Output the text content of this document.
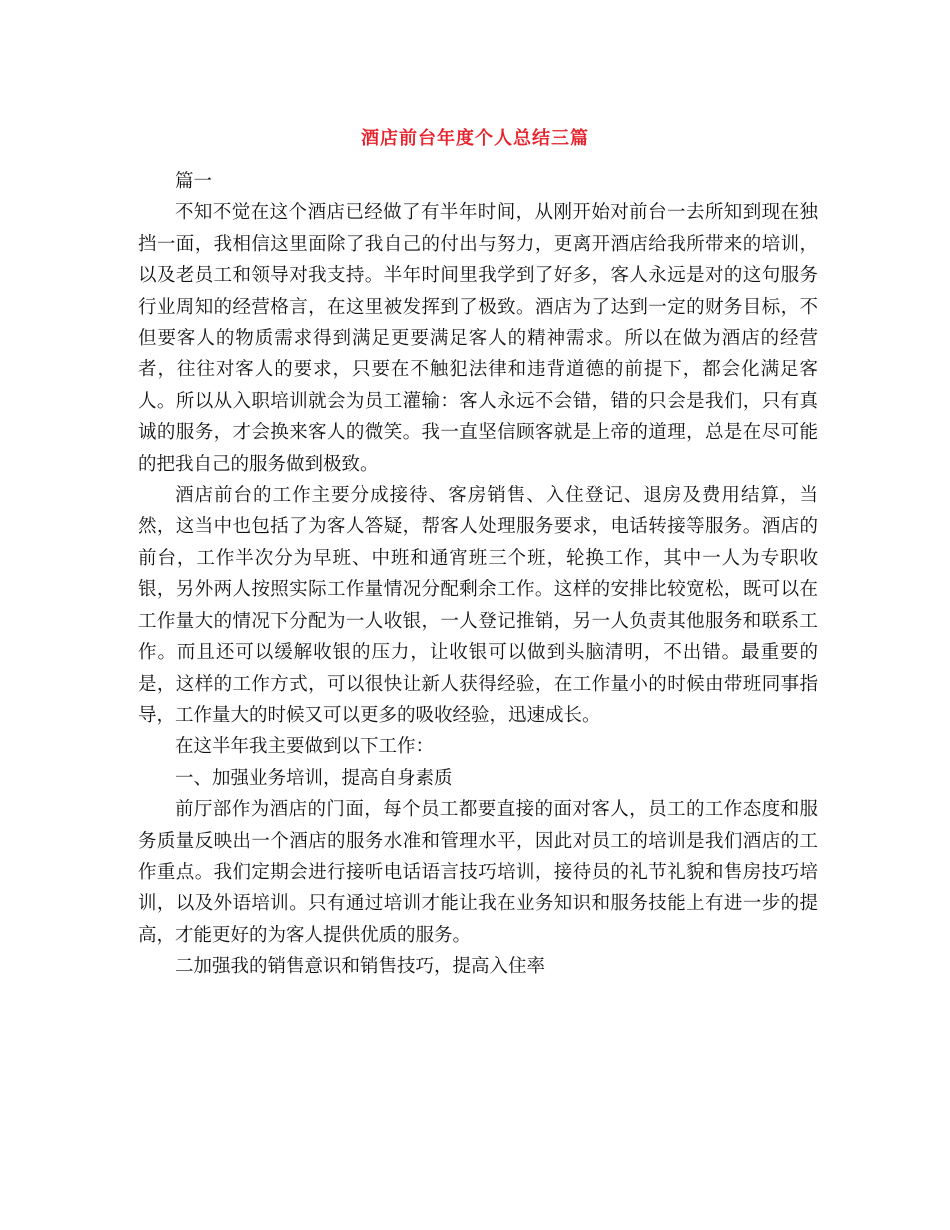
酒店前台年度个人总结三篇

篇一

不知不觉在这个酒店已经做了有半年时间，从刚开始对前台一去所知到现在独挡一面，我相信这里面除了我自己的付出与努力，更离开酒店给我所带来的培训，以及老员工和领导对我支持。半年时间里我学到了好多，客人永远是对的这句服务行业周知的经营格言，在这里被发挥到了极致。酒店为了达到一定的财务目标，不但要客人的物质需求得到满足更要满足客人的精神需求。所以在做为酒店的经营者，往往对客人的要求，只要在不触犯法律和违背道德的前提下，都会化满足客人。所以从入职培训就会为员工灌输：客人永远不会错，错的只会是我们，只有真诚的服务，才会换来客人的微笑。我一直坚信顾客就是上帝的道理，总是在尽可能的把我自己的服务做到极致。

酒店前台的工作主要分成接待、客房销售、入住登记、退房及费用结算，当然，这当中也包括了为客人答疑，帮客人处理服务要求，电话转接等服务。酒店的前台，工作半次分为早班、中班和通宵班三个班，轮换工作，其中一人为专职收银，另外两人按照实际工作量情况分配剩余工作。这样的安排比较宽松，既可以在工作量大的情况下分配为一人收银，一人登记推销，另一人负责其他服务和联系工作。而且还可以缓解收银的压力，让收银可以做到头脑清明，不出错。最重要的是，这样的工作方式，可以很快让新人获得经验，在工作量小的时候由带班同事指导，工作量大的时候又可以更多的吸收经验，迅速成长。

在这半年我主要做到以下工作：

一、加强业务培训，提高自身素质

前厅部作为酒店的门面，每个员工都要直接的面对客人，员工的工作态度和服务质量反映出一个酒店的服务水准和管理水平，因此对员工的培训是我们酒店的工作重点。我们定期会进行接听电话语言技巧培训，接待员的礼节礼貌和售房技巧培训，以及外语培训。只有通过培训才能让我在业务知识和服务技能上有进一步的提高，才能更好的为客人提供优质的服务。

二加强我的销售意识和销售技巧，提高入住率
